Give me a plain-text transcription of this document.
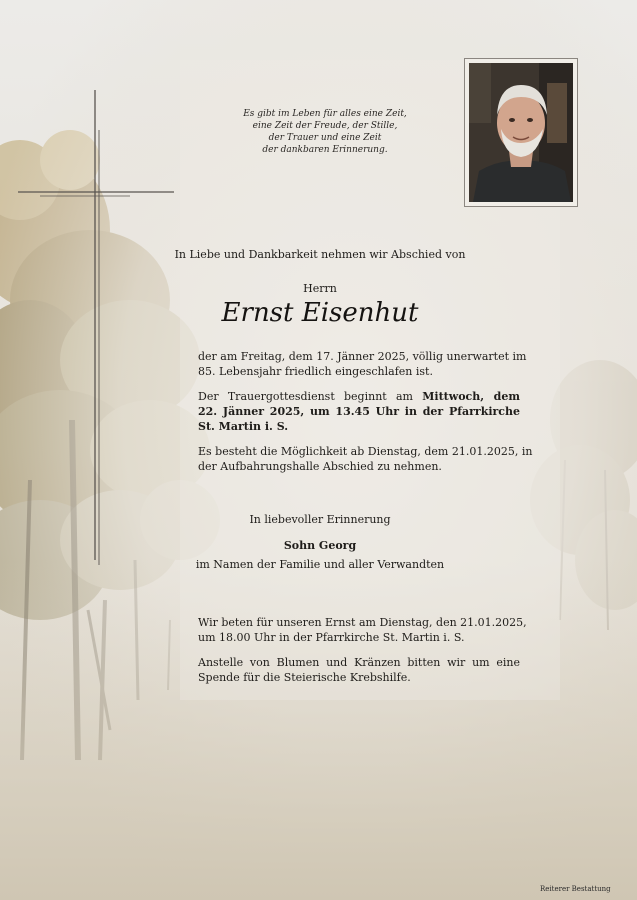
Es gibt im Leben für alles eine Zeit,
eine Zeit der Freude, der Stille,
der Trauer und eine Zeit
der dankbaren Erinnerung.
In Liebe und Dankbarkeit nehmen wir Abschied von
Herrn
Ernst Eisenhut
der am Freitag, dem 17. Jänner 2025, völlig unerwartet im
85. Lebensjahr friedlich eingeschlafen ist.
Der Trauergottesdienst beginnt am Mittwoch, dem
22. Jänner 2025, um 13.45 Uhr in der Pfarrkirche
St. Martin i. S.
Es besteht die Möglichkeit ab Dienstag, dem 21.01.2025, in
der Aufbahrungshalle Abschied zu nehmen.
In liebevoller Erinnerung
Sohn Georg
im Namen der Familie und aller Verwandten
Wir beten für unseren Ernst am Dienstag, den 21.01.2025,
um 18.00 Uhr in der Pfarrkirche St. Martin i. S.
Anstelle von Blumen und Kränzen bitten wir um eine
Spende für die Steierische Krebshilfe.
Reiterer Bestattung
